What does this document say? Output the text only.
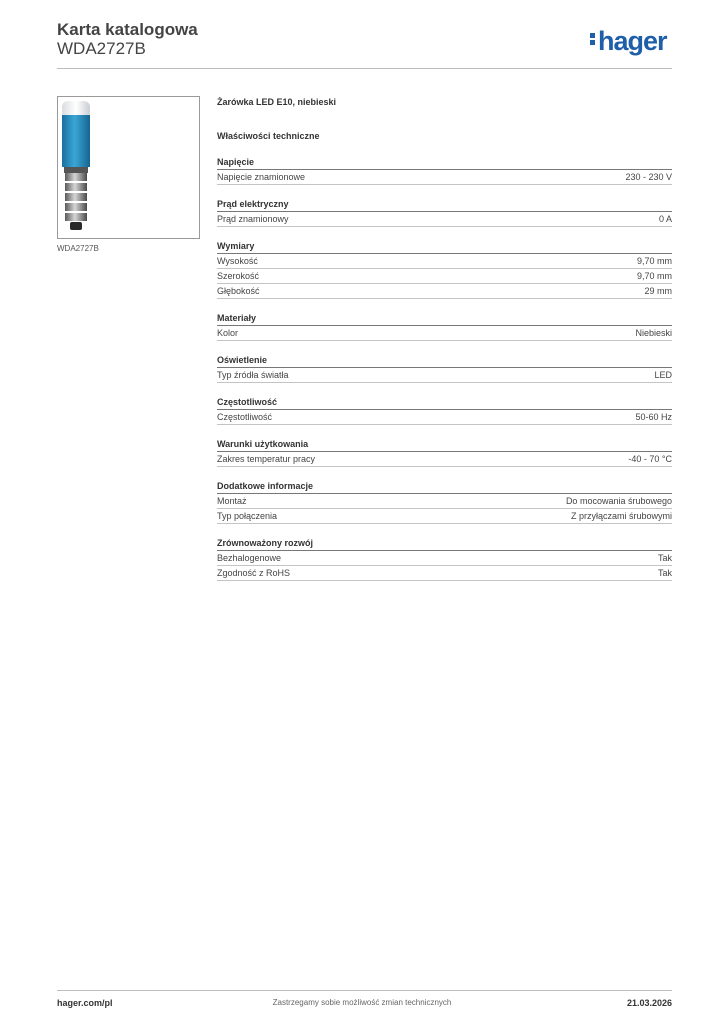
Karta katalogowa
WDA2727B	hager
WDA2727B
Żarówka LED E10, niebieski
Właściwości techniczne
Napięcie
Napięcie znamionowe	230 - 230 V
Prąd elektryczny
Prąd znamionowy	0 A
Wymiary
Wysokość	9,70 mm
Szerokość	9,70 mm
Głębokość	29 mm
Materiały
Kolor	Niebieski
Oświetlenie
Typ źródła światła	LED
Częstotliwość
Częstotliwość	50-60 Hz
Warunki użytkowania
Zakres temperatur pracy	-40 - 70 °C
Dodatkowe informacje
Montaż	Do mocowania śrubowego
Typ połączenia	Z przyłączami śrubowymi
Zrównoważony rozwój
Bezhalogenowe	Tak
Zgodność z RoHS	Tak
hager.com/pl	Zastrzegamy sobie możliwość zmian technicznych	21.03.2026
